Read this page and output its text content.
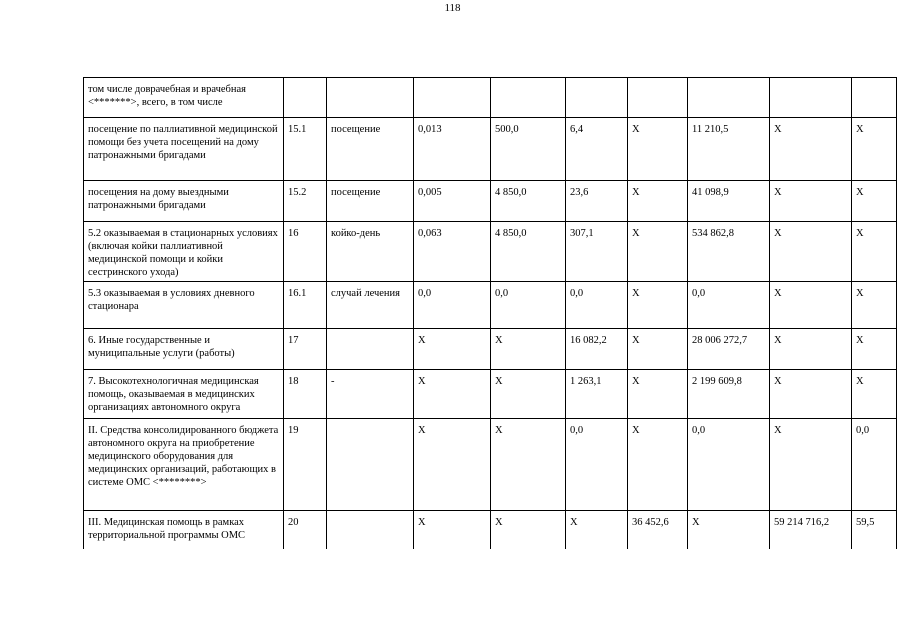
118
том числе доврачебная и врачебная <*******>, всего, в том числе									
посещение по паллиативной медицинской помощи без учета посещений на дому патронажными бригадами	15.1	посещение	0,013	500,0	6,4	X	11 210,5	X	X
посещения на дому выездными патронажными бригадами	15.2	посещение	0,005	4 850,0	23,6	X	41 098,9	X	X
5.2 оказываемая в стационарных условиях (включая койки паллиативной медицинской помощи и койки сестринского ухода)	16	койко-день	0,063	4 850,0	307,1	X	534 862,8	X	X
5.3 оказываемая в условиях дневного стационара	16.1	случай лечения	0,0	0,0	0,0	X	0,0	X	X
6. Иные государственные и муниципальные услуги (работы)	17		X	X	16 082,2	X	28 006 272,7	X	X
7. Высокотехнологичная медицинская помощь, оказываемая в медицинских организациях автономного округа	18	-	X	X	1 263,1	X	2 199 609,8	X	X
II. Средства консолидированного бюджета автономного округа на приобретение медицинского оборудования для медицинских организаций, работающих в системе ОМС <********>	19		X	X	0,0	X	0,0	X	0,0
III. Медицинская помощь в рамках территориальной программы ОМС	20		X	X	X	36 452,6	X	59 214 716,2	59,5
